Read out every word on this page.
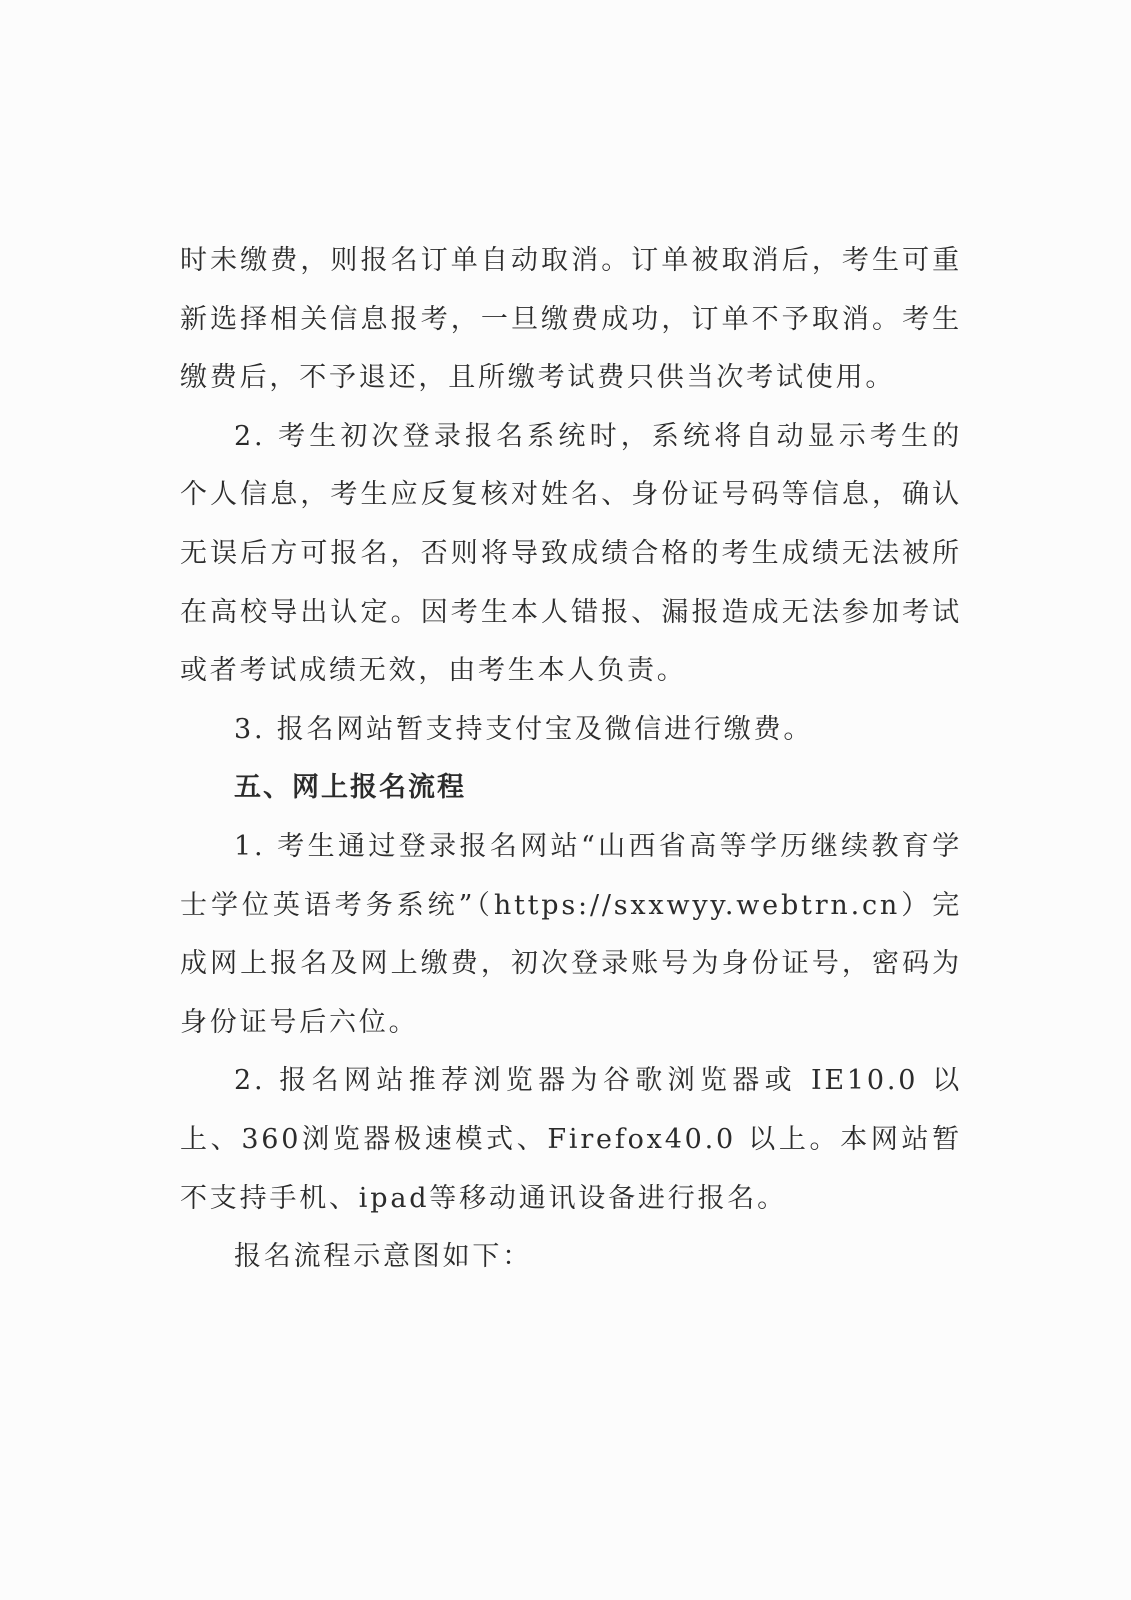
时未缴费，则报名订单自动取消。订单被取消后，考生可重新选择相关信息报考，一旦缴费成功，订单不予取消。考生缴费后，不予退还，且所缴考试费只供当次考试使用。

2. 考生初次登录报名系统时，系统将自动显示考生的个人信息，考生应反复核对姓名、身份证号码等信息，确认无误后方可报名，否则将导致成绩合格的考生成绩无法被所在高校导出认定。因考生本人错报、漏报造成无法参加考试或者考试成绩无效，由考生本人负责。

3. 报名网站暂支持支付宝及微信进行缴费。

五、网上报名流程

1. 考生通过登录报名网站“山西省高等学历继续教育学士学位英语考务系统”（https://sxxwyy.webtrn.cn）完成网上报名及网上缴费，初次登录账号为身份证号，密码为身份证号后六位。

2. 报名网站推荐浏览器为谷歌浏览器或 IE10.0 以上、360浏览器极速模式、Firefox40.0 以上。本网站暂不支持手机、ipad等移动通讯设备进行报名。

报名流程示意图如下：
